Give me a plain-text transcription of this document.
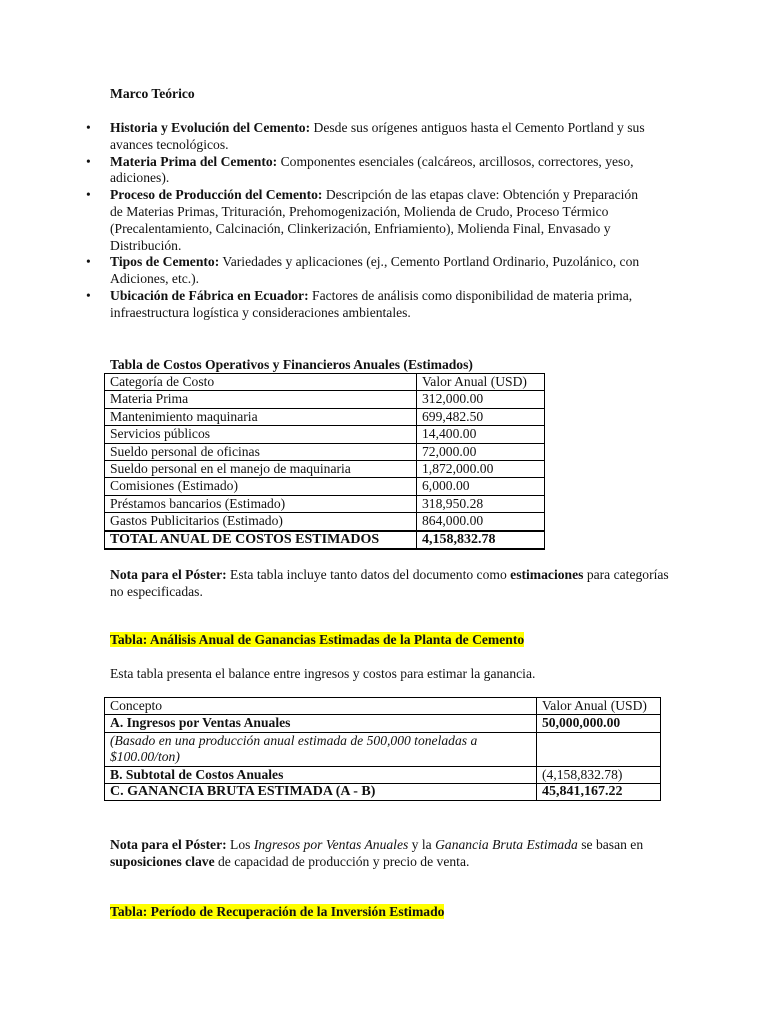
Marco Teórico
• Historia y Evolución del Cemento: Desde sus orígenes antiguos hasta el Cemento Portland y sus avances tecnológicos.
• Materia Prima del Cemento: Componentes esenciales (calcáreos, arcillosos, correctores, yeso, adiciones).
• Proceso de Producción del Cemento: Descripción de las etapas clave: Obtención y Preparación de Materias Primas, Trituración, Prehomogenización, Molienda de Crudo, Proceso Térmico (Precalentamiento, Calcinación, Clinkerización, Enfriamiento), Molienda Final, Envasado y Distribución.
• Tipos de Cemento: Variedades y aplicaciones (ej., Cemento Portland Ordinario, Puzolánico, con Adiciones, etc.).
• Ubicación de Fábrica en Ecuador: Factores de análisis como disponibilidad de materia prima, infraestructura logística y consideraciones ambientales.
Tabla de Costos Operativos y Financieros Anuales (Estimados)
Categoría de Costo	Valor Anual (USD)
Materia Prima	312,000.00
Mantenimiento maquinaria	699,482.50
Servicios públicos	14,400.00
Sueldo personal de oficinas	72,000.00
Sueldo personal en el manejo de maquinaria	1,872,000.00
Comisiones (Estimado)	6,000.00
Préstamos bancarios (Estimado)	318,950.28
Gastos Publicitarios (Estimado)	864,000.00
TOTAL ANUAL DE COSTOS ESTIMADOS	4,158,832.78
Nota para el Póster: Esta tabla incluye tanto datos del documento como estimaciones para categorías no especificadas.
Tabla: Análisis Anual de Ganancias Estimadas de la Planta de Cemento
Esta tabla presenta el balance entre ingresos y costos para estimar la ganancia.
Concepto	Valor Anual (USD)
A. Ingresos por Ventas Anuales	50,000,000.00
(Basado en una producción anual estimada de 500,000 toneladas a $100.00/ton)	
B. Subtotal de Costos Anuales	(4,158,832.78)
C. GANANCIA BRUTA ESTIMADA (A - B)	45,841,167.22
Nota para el Póster: Los Ingresos por Ventas Anuales y la Ganancia Bruta Estimada se basan en suposiciones clave de capacidad de producción y precio de venta.
Tabla: Período de Recuperación de la Inversión Estimado
